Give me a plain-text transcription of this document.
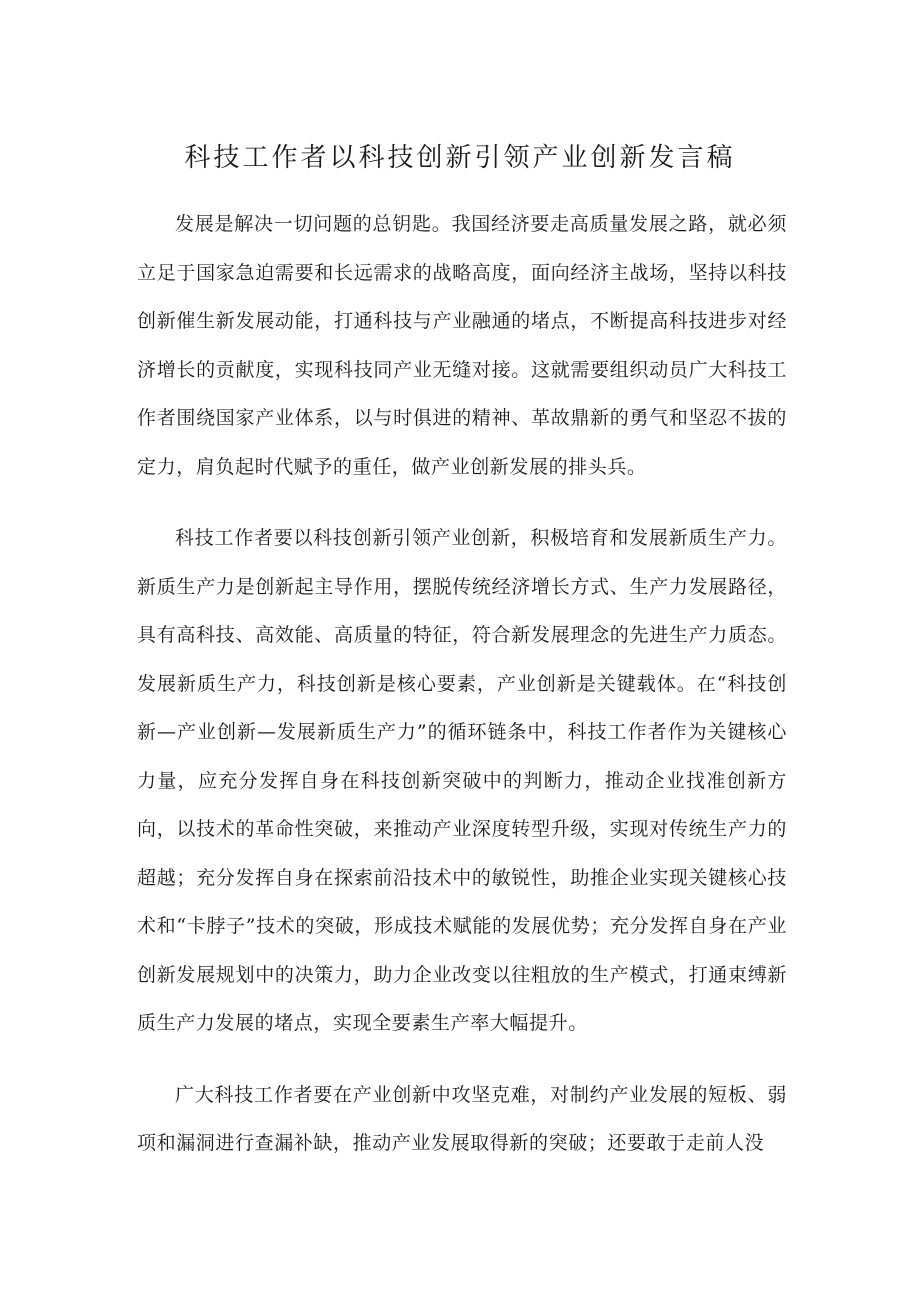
科技工作者以科技创新引领产业创新发言稿

发展是解决一切问题的总钥匙。我国经济要走高质量发展之路，就必须立足于国家急迫需要和长远需求的战略高度，面向经济主战场，坚持以科技创新催生新发展动能，打通科技与产业融通的堵点，不断提高科技进步对经济增长的贡献度，实现科技同产业无缝对接。这就需要组织动员广大科技工作者围绕国家产业体系，以与时俱进的精神、革故鼎新的勇气和坚忍不拔的定力，肩负起时代赋予的重任，做产业创新发展的排头兵。

科技工作者要以科技创新引领产业创新，积极培育和发展新质生产力。新质生产力是创新起主导作用，摆脱传统经济增长方式、生产力发展路径，具有高科技、高效能、高质量的特征，符合新发展理念的先进生产力质态。发展新质生产力，科技创新是核心要素，产业创新是关键载体。在“科技创新—产业创新—发展新质生产力”的循环链条中，科技工作者作为关键核心力量，应充分发挥自身在科技创新突破中的判断力，推动企业找准创新方向，以技术的革命性突破，来推动产业深度转型升级，实现对传统生产力的超越；充分发挥自身在探索前沿技术中的敏锐性，助推企业实现关键核心技术和“卡脖子”技术的突破，形成技术赋能的发展优势；充分发挥自身在产业创新发展规划中的决策力，助力企业改变以往粗放的生产模式，打通束缚新质生产力发展的堵点，实现全要素生产率大幅提升。

广大科技工作者要在产业创新中攻坚克难，对制约产业发展的短板、弱项和漏洞进行查漏补缺，推动产业发展取得新的突破；还要敢于走前人没
